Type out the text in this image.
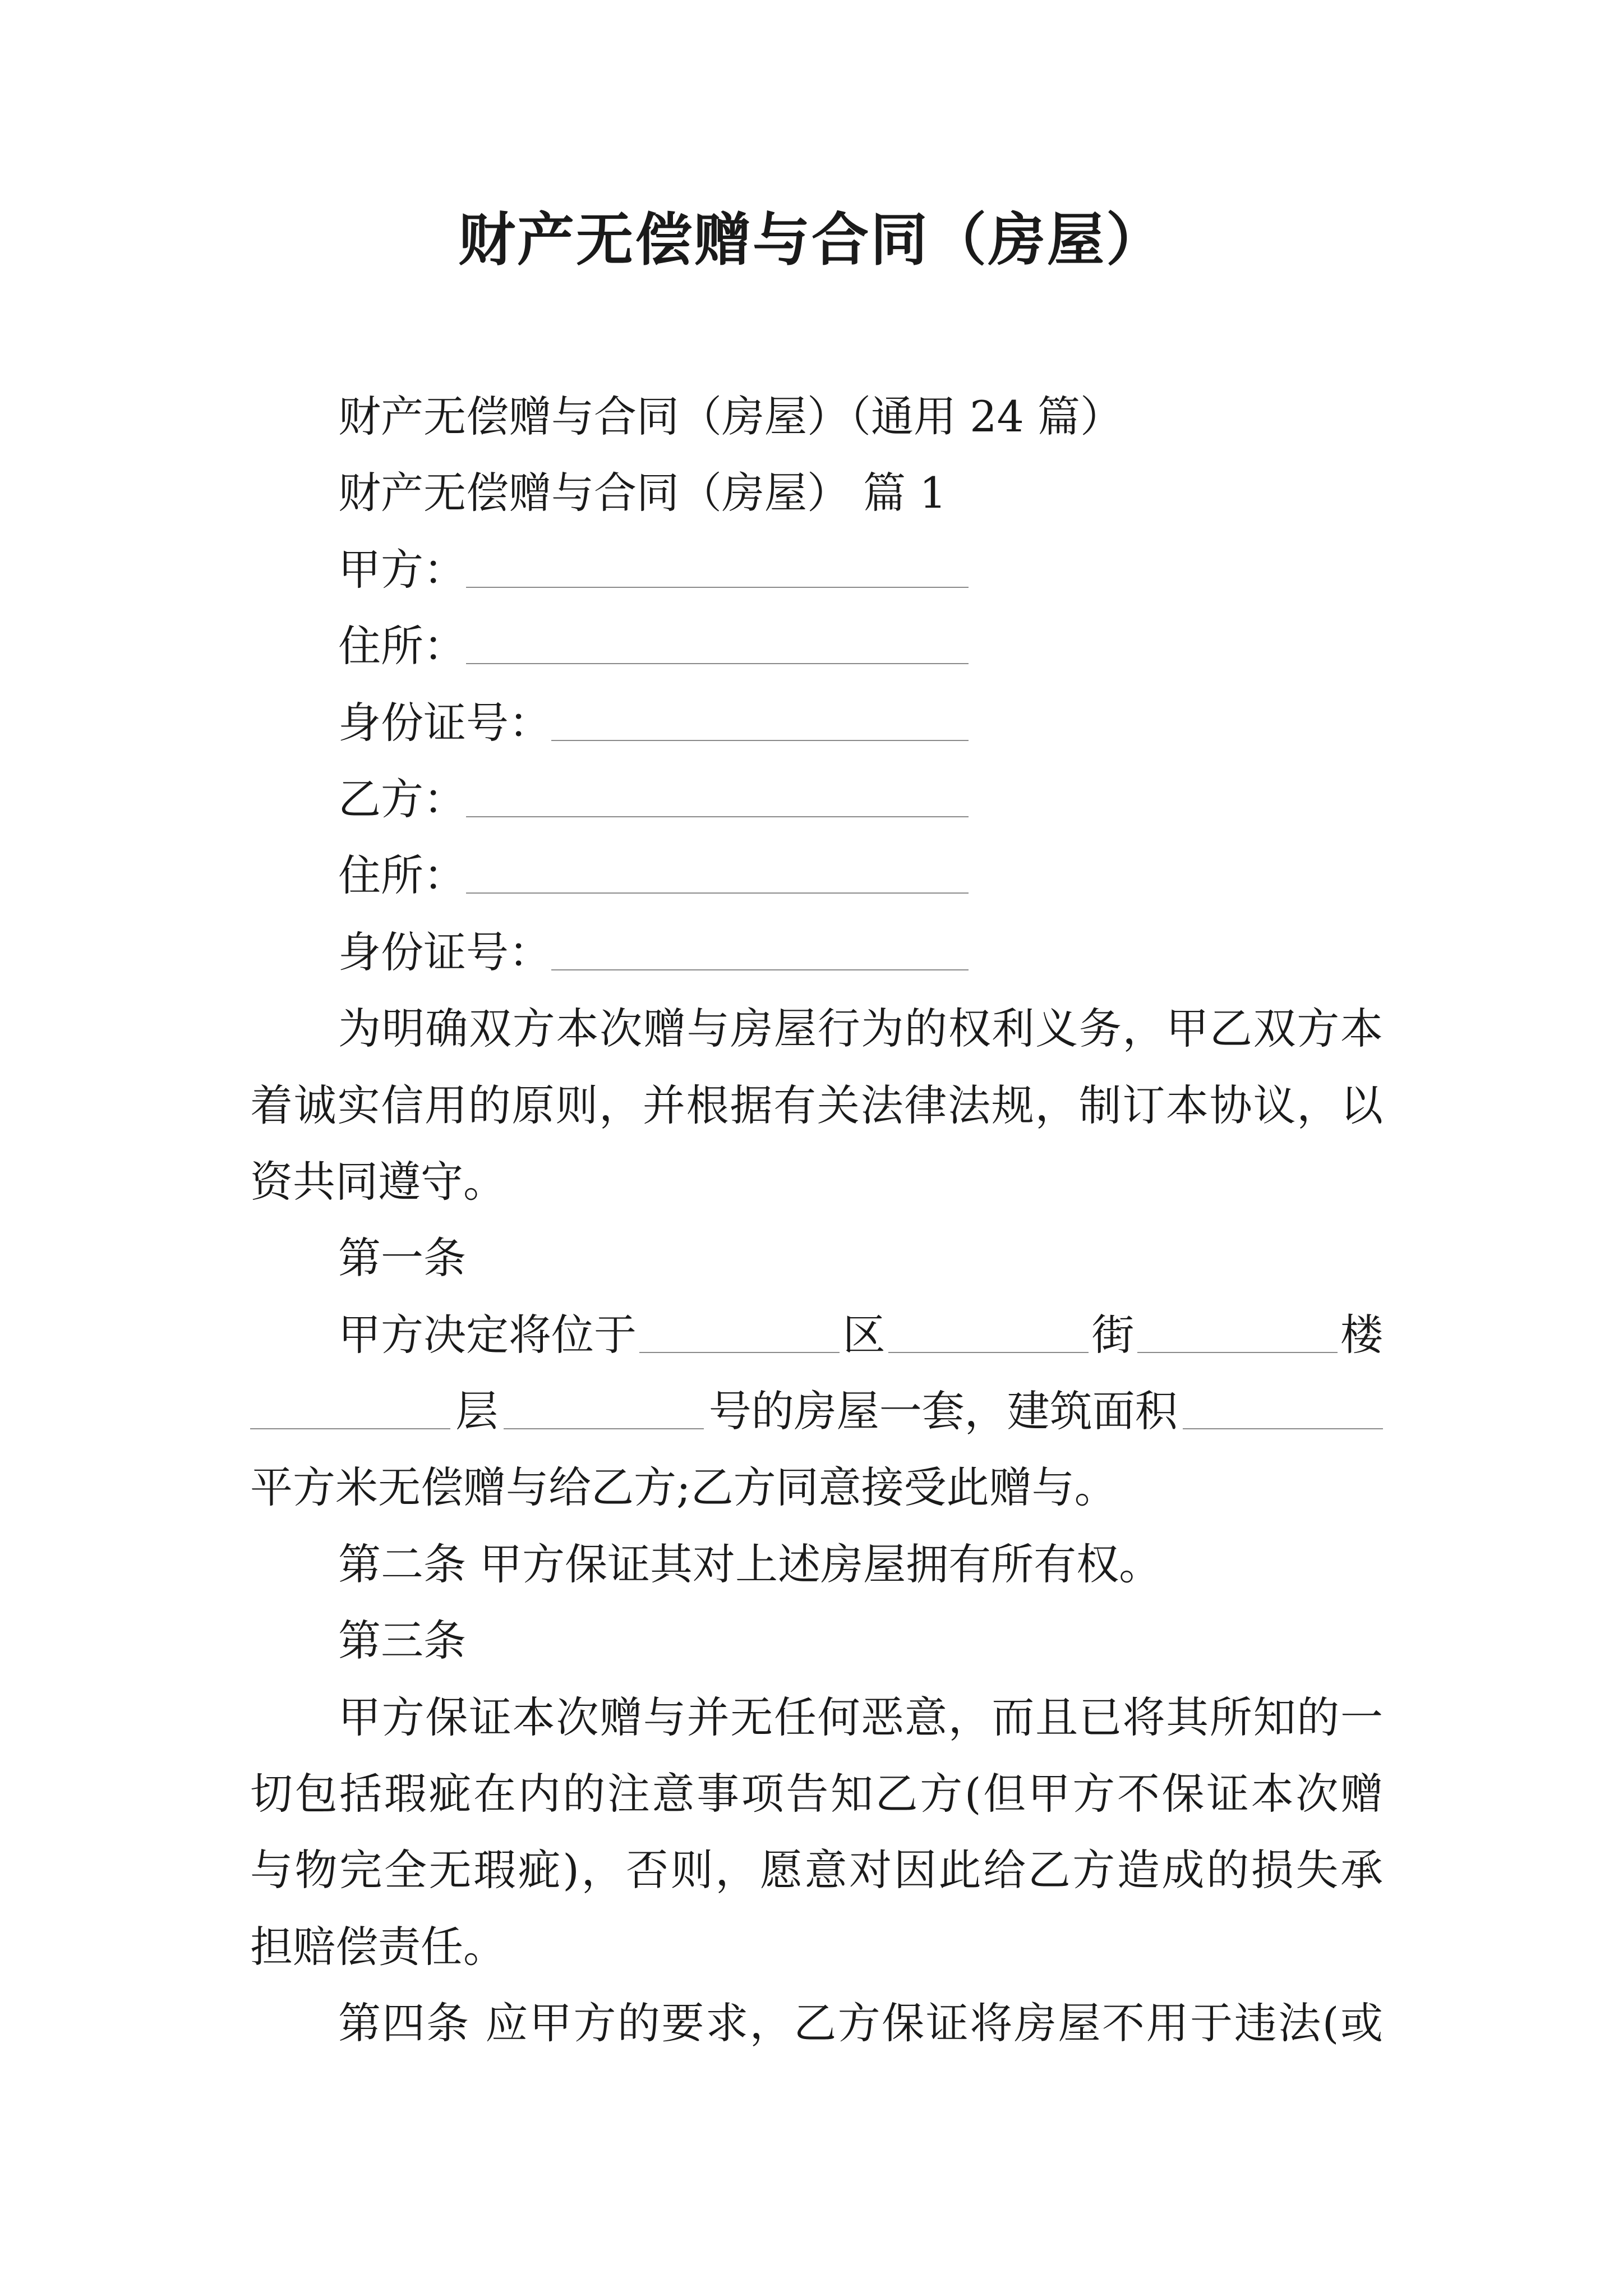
财产无偿赠与合同（房屋）
财产无偿赠与合同（房屋）（通用 24 篇）
财产无偿赠与合同（房屋） 篇 1
甲方：
住所：
身份证号：
乙方：
住所：
身份证号：
为明确双方本次赠与房屋行为的权利义务，甲乙双方本
着诚实信用的原则，并根据有关法律法规，制订本协议，以
资共同遵守。
第一条
甲方决定将位于	区	街	楼
层	号的房屋一套，建筑面积
平方米无偿赠与给乙方;乙方同意接受此赠与。
第二条 甲方保证其对上述房屋拥有所有权。
第三条
甲方保证本次赠与并无任何恶意，而且已将其所知的一
切包括瑕疵在内的注意事项告知乙方(但甲方不保证本次赠
与物完全无瑕疵)，否则，愿意对因此给乙方造成的损失承
担赔偿责任。
第四条 应甲方的要求，乙方保证将房屋不用于违法(或
